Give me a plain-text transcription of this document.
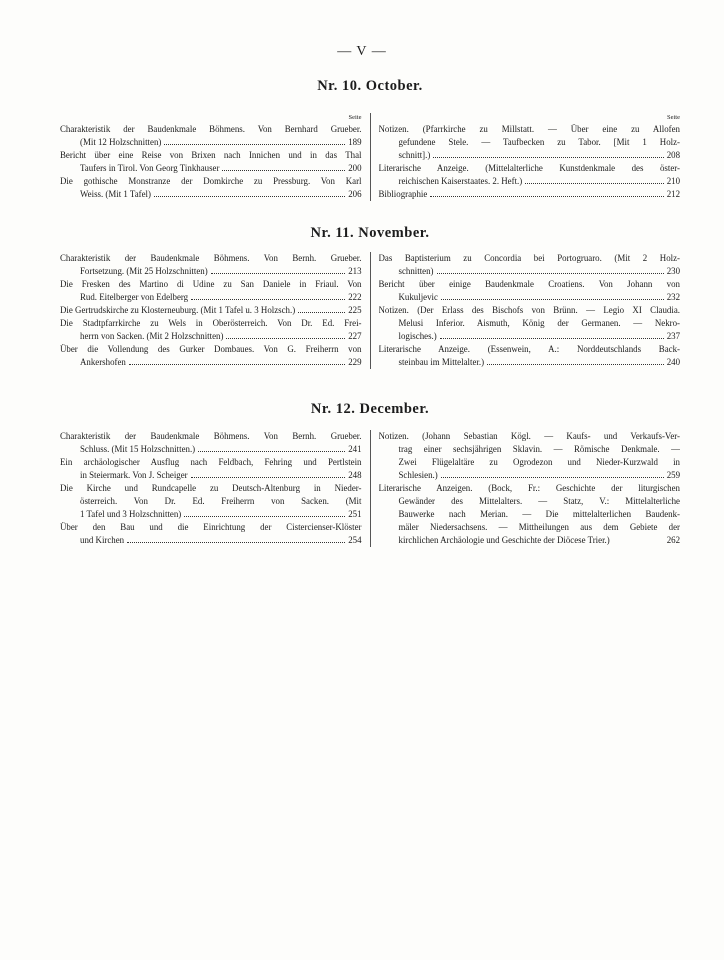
— V —
Nr. 10. October.
Seite
Charakteristik der Baudenkmale Böhmens. Von Bernhard Grueber.
(Mit 12 Holzschnitten)	189
Bericht über eine Reise von Brixen nach Innichen und in das Thal
Taufers in Tirol. Von Georg Tinkhauser	200
Die gothische Monstranze der Domkirche zu Pressburg. Von Karl
Weiss. (Mit 1 Tafel)	206
Seite
Notizen. (Pfarrkirche zu Millstatt. — Über eine zu Allofen
gefundene Stele. — Taufbecken zu Tabor. [Mit 1 Holz-
schnitt].)	208
Literarische Anzeige. (Mittelalterliche Kunstdenkmale des öster-
reichischen Kaiserstaates. 2. Heft.)	210
Bibliographie	212
Nr. 11. November.
Charakteristik der Baudenkmale Böhmens. Von Bernh. Grueber.
Fortsetzung. (Mit 25 Holzschnitten)	213
Die Fresken des Martino di Udine zu San Daniele in Friaul. Von
Rud. Eitelberger von Edelberg	222
Die Gertrudskirche zu Klosterneuburg. (Mit 1 Tafel u. 3 Holzsch.)	225
Die Stadtpfarrkirche zu Wels in Oberösterreich. Von Dr. Ed. Frei-
herrn von Sacken. (Mit 2 Holzschnitten)	227
Über die Vollendung des Gurker Dombaues. Von G. Freiherrn von
Ankershofen	229
Das Baptisterium zu Concordia bei Portogruaro. (Mit 2 Holz-
schnitten)	230
Bericht über einige Baudenkmale Croatiens. Von Johann von
Kukuljevic	232
Notizen. (Der Erlass des Bischofs von Brünn. — Legio XI Claudia.
Melusi Inferior. Aismuth, König der Germanen. — Nekro-
logisches.)	237
Literarische Anzeige. (Essenwein, A.: Norddeutschlands Back-
steinbau im Mittelalter.)	240
Nr. 12. December.
Charakteristik der Baudenkmale Böhmens. Von Bernh. Grueber.
Schluss. (Mit 15 Holzschnitten.)	241
Ein archäologischer Ausflug nach Feldbach, Fehring und Pertlstein
in Steiermark. Von J. Scheiger	248
Die Kirche und Rundcapelle zu Deutsch-Altenburg in Nieder-
österreich. Von Dr. Ed. Freiherrn von Sacken. (Mit
1 Tafel und 3 Holzschnitten)	251
Über den Bau und die Einrichtung der Cistercienser-Klöster
und Kirchen	254
Notizen. (Johann Sebastian Kögl. — Kaufs- und Verkaufs-Ver-
trag einer sechsjährigen Sklavin. — Römische Denkmale. —
Zwei Flügelaltäre zu Ogrodezon und Nieder-Kurzwald in
Schlesien.)	259
Literarische Anzeigen. (Bock, Fr.: Geschichte der liturgischen
Gewänder des Mittelalters. — Statz, V.: Mittelalterliche
Bauwerke nach Merian. — Die mittelalterlichen Baudenk-
mäler Niedersachsens. — Mittheilungen aus dem Gebiete der
kirchlichen Archäologie und Geschichte der Diöcese Trier.)	262
